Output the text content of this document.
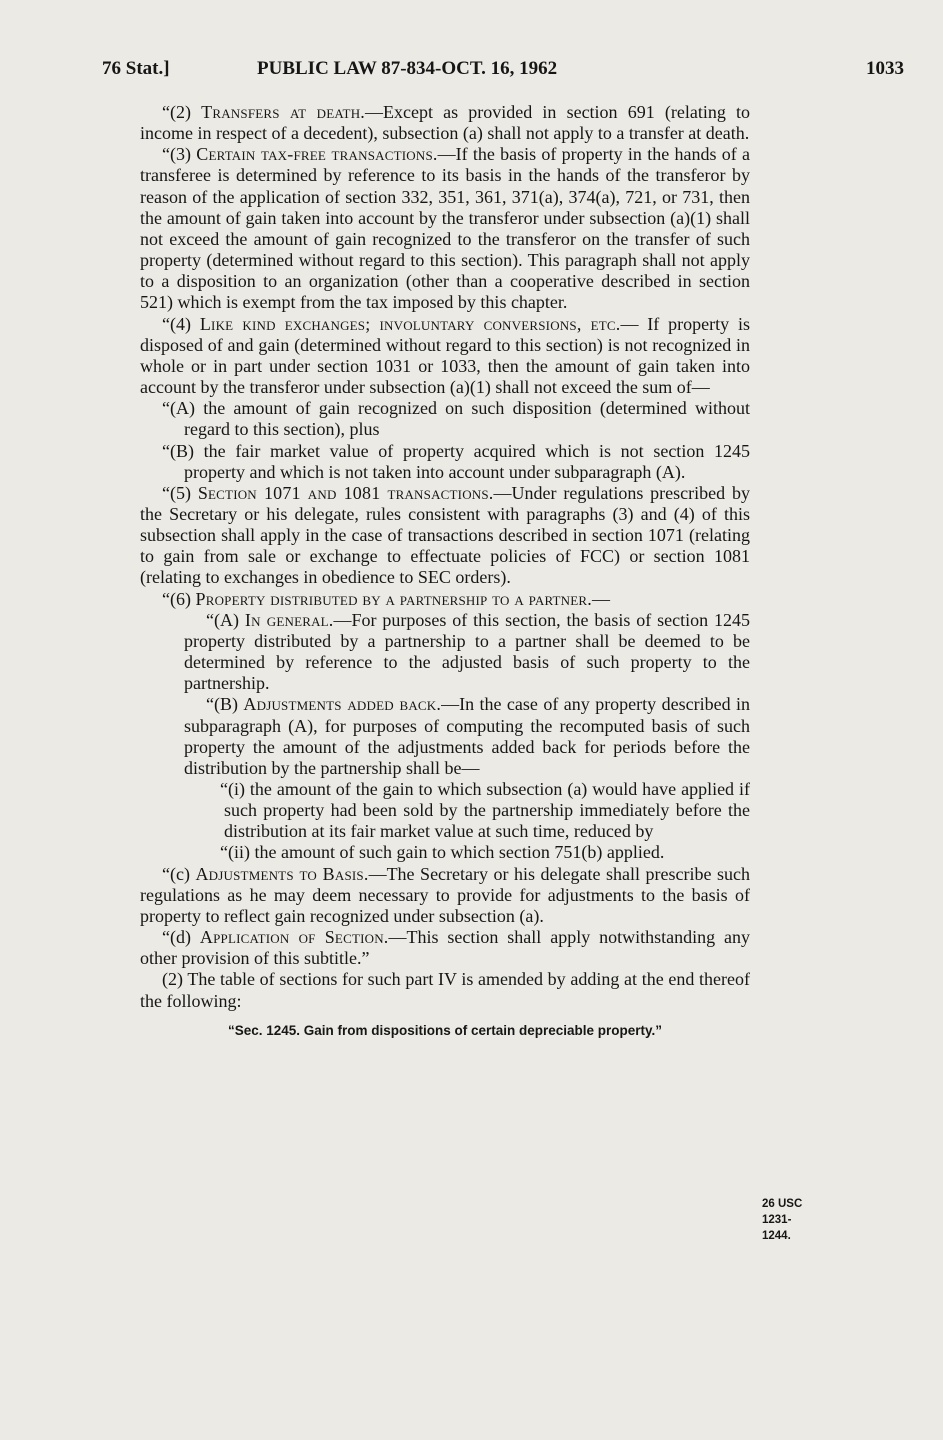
76 Stat.]	PUBLIC LAW 87-834-OCT. 16, 1962	1033

“(2) Transfers at death.—Except as provided in section 691 (relating to income in respect of a decedent), subsection (a) shall not apply to a transfer at death.

“(3) Certain tax-free transactions.—If the basis of property in the hands of a transferee is determined by reference to its basis in the hands of the transferor by reason of the application of section 332, 351, 361, 371(a), 374(a), 721, or 731, then the amount of gain taken into account by the transferor under subsection (a)(1) shall not exceed the amount of gain recognized to the transferor on the transfer of such property (determined without regard to this section). This paragraph shall not apply to a disposition to an organization (other than a cooperative described in section 521) which is exempt from the tax imposed by this chapter.

“(4) Like kind exchanges; involuntary conversions, etc.— If property is disposed of and gain (determined without regard to this section) is not recognized in whole or in part under section 1031 or 1033, then the amount of gain taken into account by the transferor under subsection (a)(1) shall not exceed the sum of—

“(A) the amount of gain recognized on such disposition (determined without regard to this section), plus

“(B) the fair market value of property acquired which is not section 1245 property and which is not taken into account under subparagraph (A).

“(5) Section 1071 and 1081 transactions.—Under regulations prescribed by the Secretary or his delegate, rules consistent with paragraphs (3) and (4) of this subsection shall apply in the case of transactions described in section 1071 (relating to gain from sale or exchange to effectuate policies of FCC) or section 1081 (relating to exchanges in obedience to SEC orders).

“(6) Property distributed by a partnership to a partner.—

“(A) In general.—For purposes of this section, the basis of section 1245 property distributed by a partnership to a partner shall be deemed to be determined by reference to the adjusted basis of such property to the partnership.

“(B) Adjustments added back.—In the case of any property described in subparagraph (A), for purposes of computing the recomputed basis of such property the amount of the adjustments added back for periods before the distribution by the partnership shall be—

“(i) the amount of the gain to which subsection (a) would have applied if such property had been sold by the partnership immediately before the distribution at its fair market value at such time, reduced by

“(ii) the amount of such gain to which section 751(b) applied.

“(c) Adjustments to Basis.—The Secretary or his delegate shall prescribe such regulations as he may deem necessary to provide for adjustments to the basis of property to reflect gain recognized under subsection (a).

“(d) Application of Section.—This section shall apply notwithstanding any other provision of this subtitle.”

(2) The table of sections for such part IV is amended by adding at the end thereof the following:

“Sec. 1245. Gain from dispositions of certain depreciable property.”

26 USC 1231-
1244.
